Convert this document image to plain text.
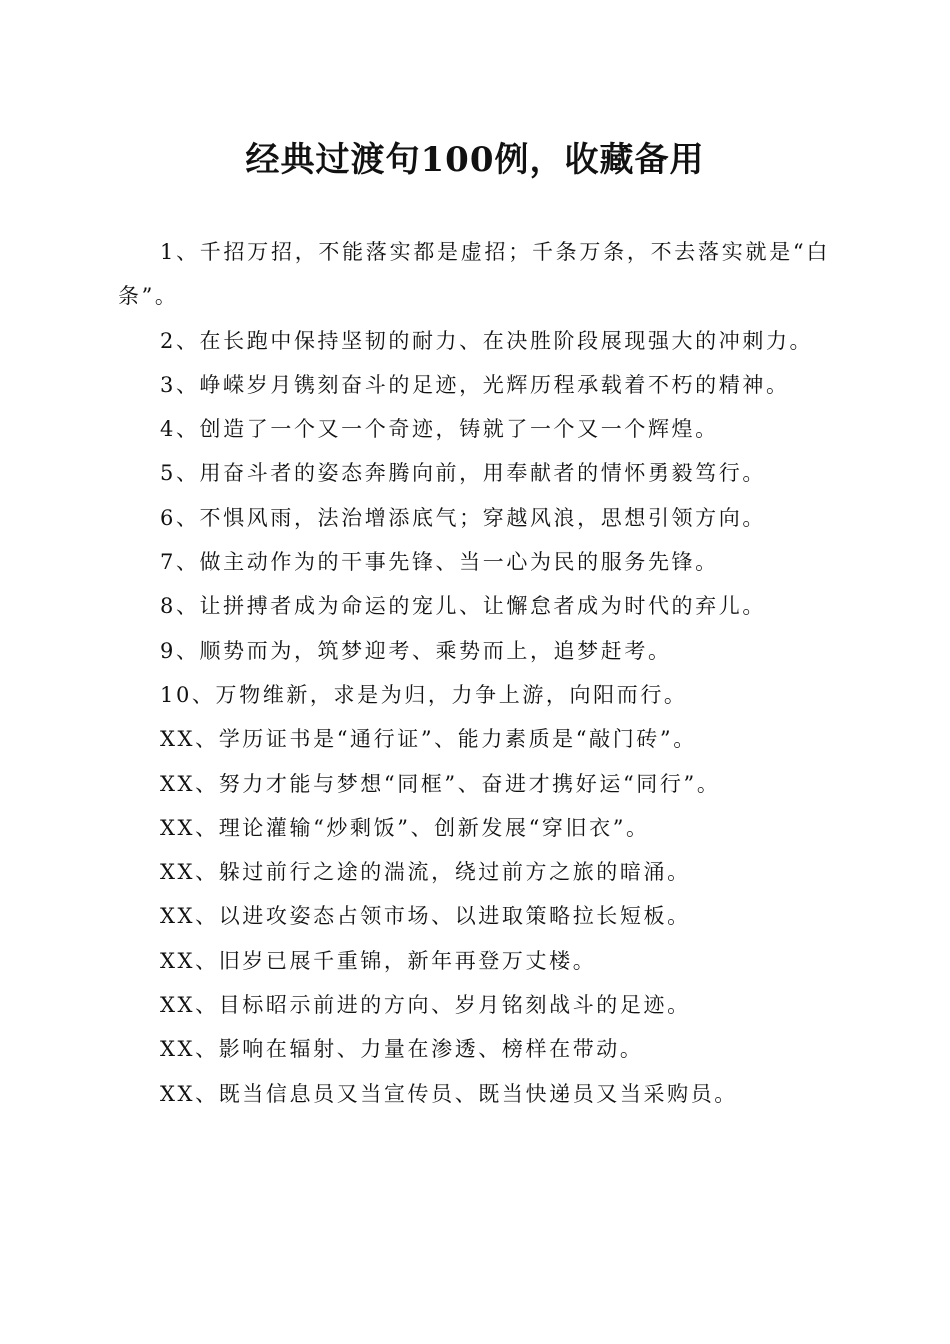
经典过渡句100例，收藏备用

1、千招万招，不能落实都是虚招；千条万条，不去落实就是“白条”。

2、在长跑中保持坚韧的耐力、在决胜阶段展现强大的冲刺力。

3、峥嵘岁月镌刻奋斗的足迹，光辉历程承载着不朽的精神。

4、创造了一个又一个奇迹，铸就了一个又一个辉煌。

5、用奋斗者的姿态奔腾向前，用奉献者的情怀勇毅笃行。

6、不惧风雨，法治增添底气；穿越风浪，思想引领方向。

7、做主动作为的干事先锋、当一心为民的服务先锋。

8、让拼搏者成为命运的宠儿、让懈怠者成为时代的弃儿。

9、顺势而为，筑梦迎考、乘势而上，追梦赶考。

10、万物维新，求是为归，力争上游，向阳而行。

XX、学历证书是“通行证”、能力素质是“敲门砖”。

XX、努力才能与梦想“同框”、奋进才携好运“同行”。

XX、理论灌输“炒剩饭”、创新发展“穿旧衣”。

XX、躲过前行之途的湍流，绕过前方之旅的暗涌。

XX、以进攻姿态占领市场、以进取策略拉长短板。

XX、旧岁已展千重锦，新年再登万丈楼。

XX、目标昭示前进的方向、岁月铭刻战斗的足迹。

XX、影响在辐射、力量在渗透、榜样在带动。

XX、既当信息员又当宣传员、既当快递员又当采购员。
